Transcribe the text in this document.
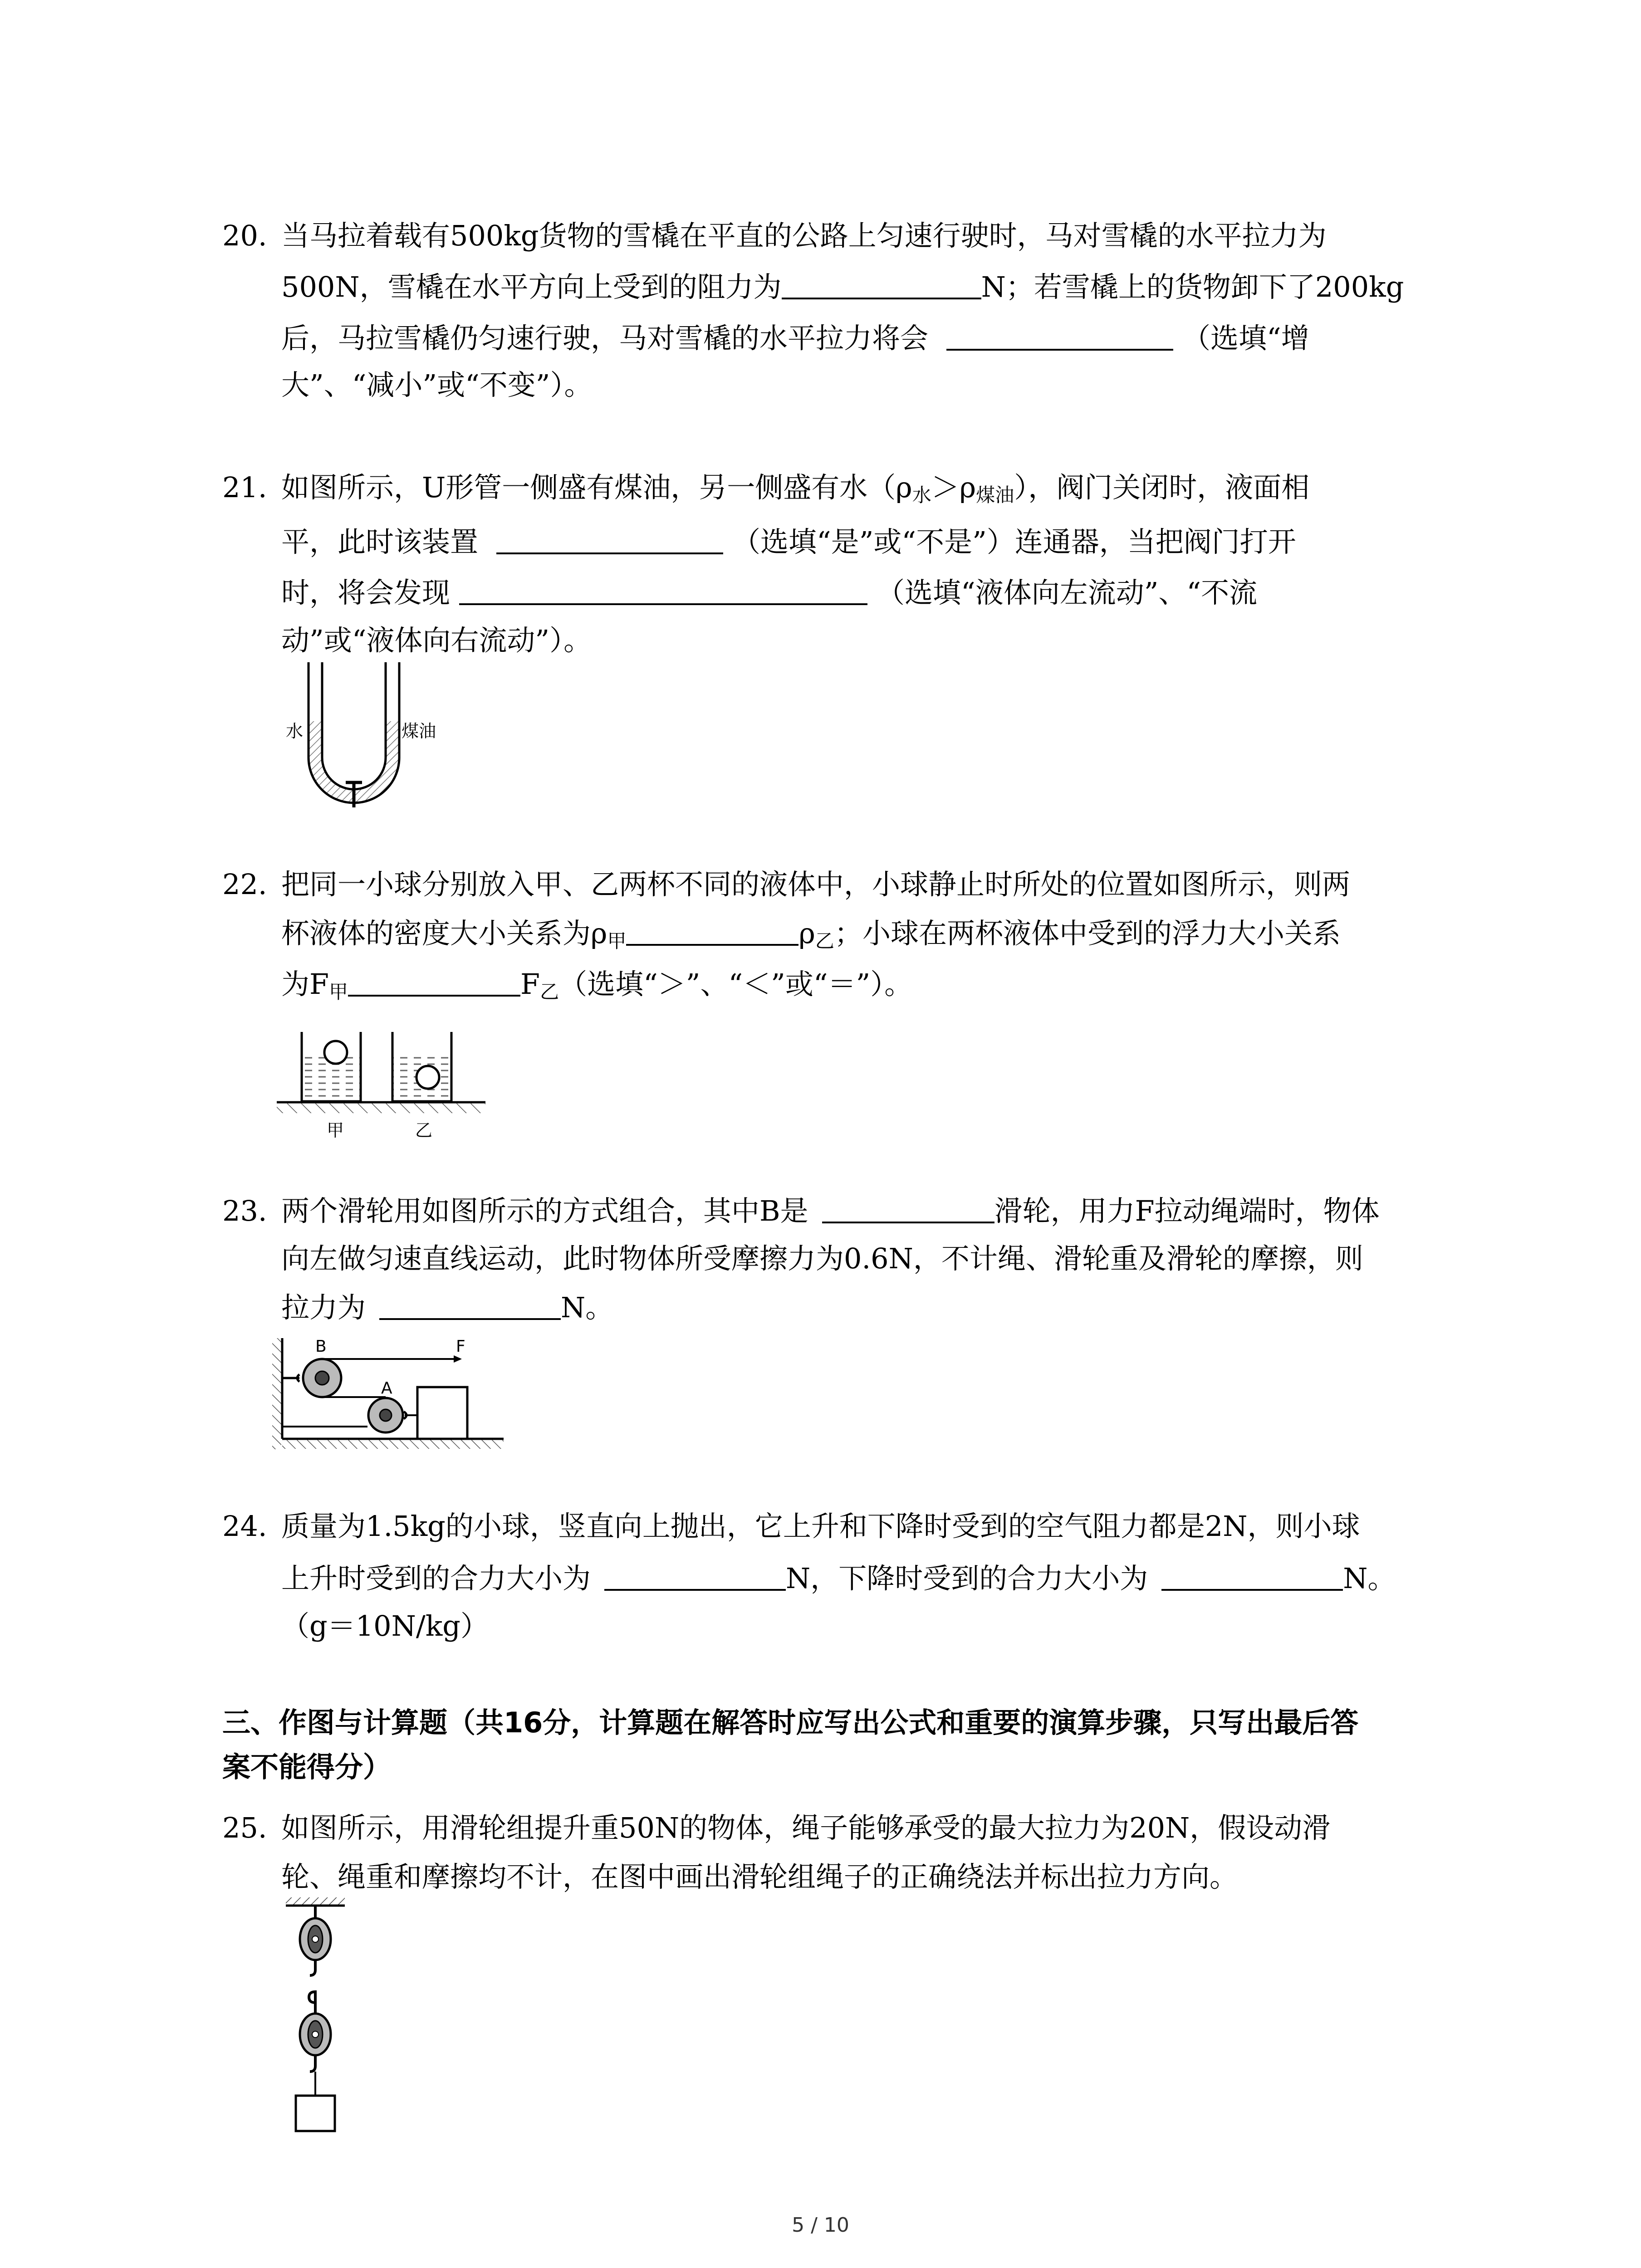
20. 当马拉着载有500kg货物的雪橇在平直的公路上匀速行驶时，马对雪橇的水平拉力为
500N，雪橇在水平方向上受到的阻力为	N；若雪橇上的货物卸下了200kg
后，马拉雪橇仍匀速行驶，马对雪橇的水平拉力将会	（选填“增
大”、“减小”或“不变”）。
21. 如图所示，U形管一侧盛有煤油，另一侧盛有水$(\rho_水>\rho_{煤油})$，阀门关闭时，液面相
平，此时该装置	（选填“是”或“不是”）连通器，当把阀门打开
时，将会发现	（选填“液体向左流动”、“不流
动”或“液体向右流动”）。
水	煤油
22. 把同一小球分别放入甲、乙两杯不同的液体中，小球静止时所处的位置如图所示，则两
杯液体的密度大小关系为$\rho_甲$	$\rho_乙$；小球在两杯液体中受到的浮力大小关系
为$F_甲$	$F_乙$（选填“＞”、“＜”或“＝”）。
甲	乙
23. 两个滑轮用如图所示的方式组合，其中B是	滑轮，用力F拉动绳端时，物体
向左做匀速直线运动，此时物体所受摩擦力为0.6N，不计绳、滑轮重及滑轮的摩擦，则
拉力为	N。
B
A
F
24. 质量为1.5kg的小球，竖直向上抛出，它上升和下降时受到的空气阻力都是2N，则小球
上升时受到的合力大小为	N，下降时受到的合力大小为	N。
（g＝10N/kg）
三、作图与计算题（共16分，计算题在解答时应写出公式和重要的演算步骤，只写出最后答
案不能得分）
25. 如图所示，用滑轮组提升重50N的物体，绳子能够承受的最大拉力为20N，假设动滑
轮、绳重和摩擦均不计，在图中画出滑轮组绳子的正确绕法并标出拉力方向。
5 / 10
